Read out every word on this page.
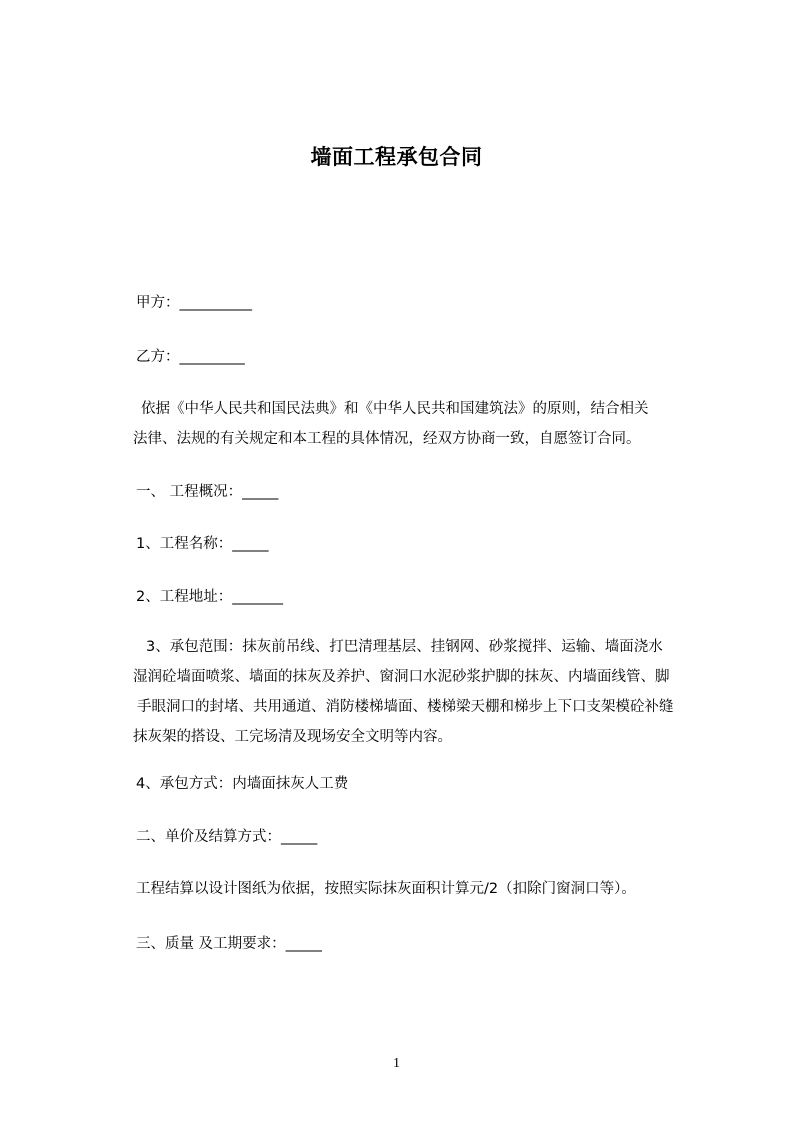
墙面工程承包合同
甲方：__________
乙方：_________
依据《中华人民共和国民法典》和《中华人民共和国建筑法》的原则，结合相关
法律、法规的有关规定和本工程的具体情况，经双方协商一致，自愿签订合同。
一、 工程概况：_____
1、工程名称：_____
2、工程地址：_______
3、承包范围：抹灰前吊线、打巴清理基层、挂钢网、砂浆搅拌、运输、墙面浇水
湿润砼墙面喷浆、墙面的抹灰及养护、窗洞口水泥砂浆护脚的抹灰、内墙面线管、脚
手眼洞口的封堵、共用通道、消防楼梯墙面、楼梯梁天棚和梯步上下口支架模砼补缝
抹灰架的搭设、工完场清及现场安全文明等内容。
4、承包方式：内墙面抹灰人工费
二、单价及结算方式：_____
工程结算以设计图纸为依据，按照实际抹灰面积计算元/2（扣除门窗洞口等）。
三、质量 及工期要求：_____
1
